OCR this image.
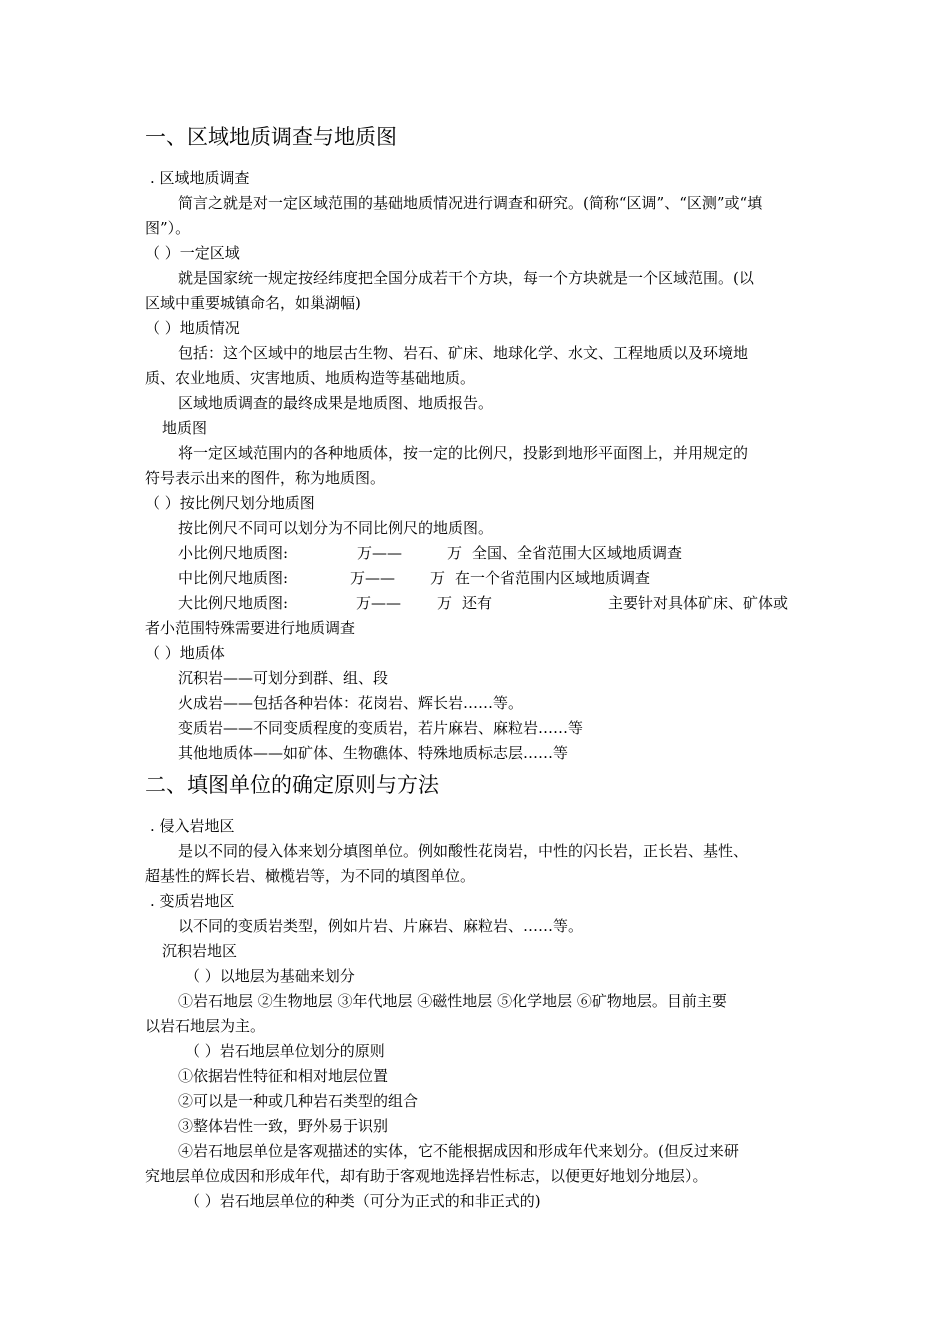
一、区域地质调查与地质图
. 区域地质调查
简言之就是对一定区域范围的基础地质情况进行调查和研究。(简称“区调”、“区测”或“填
图”）。
（ ）一定区域
就是国家统一规定按经纬度把全国分成若干个方块，每一个方块就是一个区域范围。(以
区域中重要城镇命名，如巢湖幅)
（ ）地质情况
包括：这个区域中的地层古生物、岩石、矿床、地球化学、水文、工程地质以及环境地
质、农业地质、灾害地质、地质构造等基础地质。
区域地质调查的最终成果是地质图、地质报告。
地质图
将一定区域范围内的各种地质体，按一定的比例尺，投影到地形平面图上，并用规定的
符号表示出来的图件，称为地质图。
（ ）按比例尺划分地质图
按比例尺不同可以划分为不同比例尺的地质图。
小比例尺地质图:	万——	万 全国、全省范围大区域地质调查
中比例尺地质图:	万—— 万 在一个省范围内区域地质调查
大比例尺地质图:	万—— 万 还有	主要针对具体矿床、矿体或
者小范围特殊需要进行地质调查
（ ）地质体
沉积岩——可划分到群、组、段
火成岩——包括各种岩体：花岗岩、辉长岩……等。
变质岩——不同变质程度的变质岩，若片麻岩、麻粒岩……等
其他地质体——如矿体、生物礁体、特殊地质标志层……等
二、填图单位的确定原则与方法
. 侵入岩地区
是以不同的侵入体来划分填图单位。例如酸性花岗岩，中性的闪长岩，正长岩、基性、
超基性的辉长岩、橄榄岩等，为不同的填图单位。
. 变质岩地区
以不同的变质岩类型，例如片岩、片麻岩、麻粒岩、……等。
沉积岩地区
（ ）以地层为基础来划分
①岩石地层 ②生物地层 ③年代地层 ④磁性地层 ⑤化学地层 ⑥矿物地层。目前主要
以岩石地层为主。
（ ）岩石地层单位划分的原则
①依据岩性特征和相对地层位置
②可以是一种或几种岩石类型的组合
③整体岩性一致，野外易于识别
④岩石地层单位是客观描述的实体，它不能根据成因和形成年代来划分。(但反过来研
究地层单位成因和形成年代，却有助于客观地选择岩性标志，以便更好地划分地层）。
（ ）岩石地层单位的种类（可分为正式的和非正式的)
